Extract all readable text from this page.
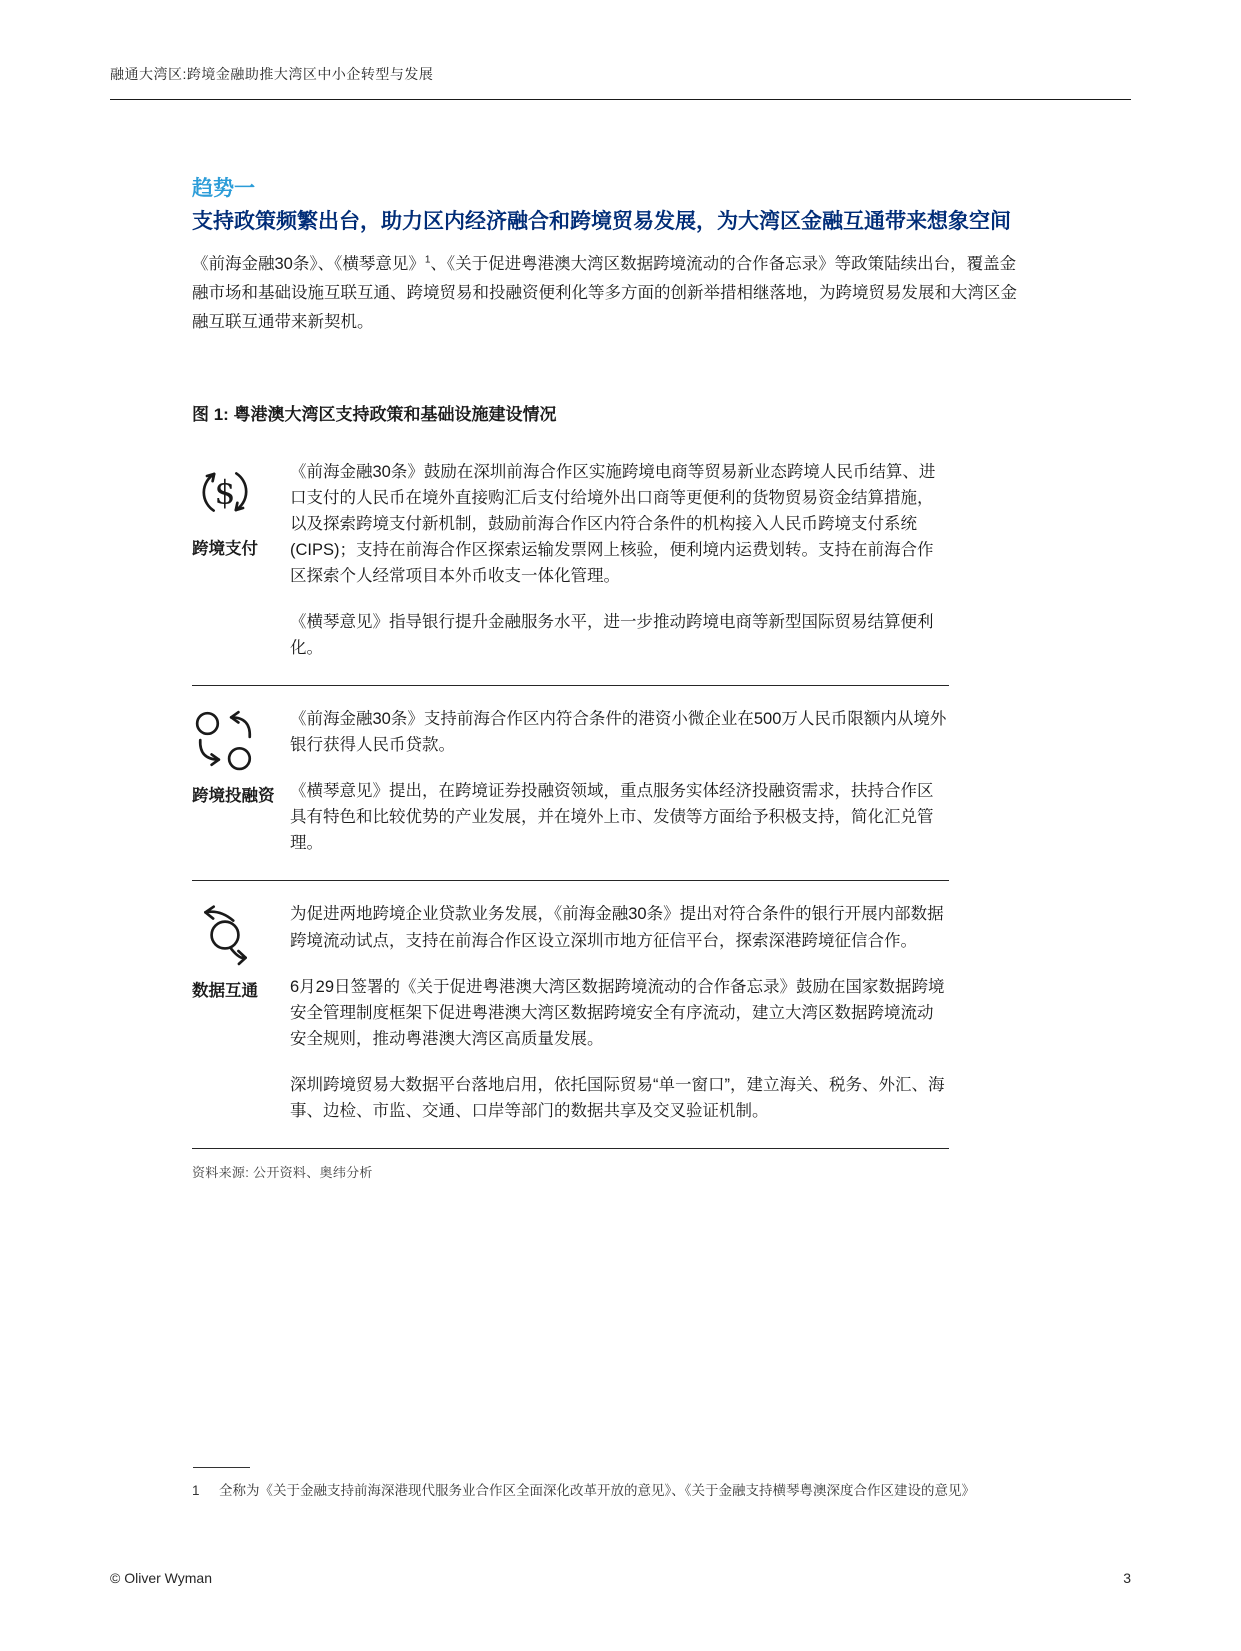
融通大湾区:跨境金融助推大湾区中小企转型与发展
趋势一
支持政策频繁出台，助力区内经济融合和跨境贸易发展，为大湾区金融互通带来想象空间

《前海金融30条》、《横琴意见》$^1$、《关于促进粤港澳大湾区数据跨境流动的合作备忘录》等政策陆续出台，覆盖金融市场和基础设施互联互通、跨境贸易和投融资便利化等多方面的创新举措相继落地，为跨境贸易发展和大湾区金融互联互通带来新契机。

图 1: 粤港澳大湾区支持政策和基础设施建设情况
$
跨境支付

《前海金融30条》鼓励在深圳前海合作区实施跨境电商等贸易新业态跨境人民币结算、进口支付的人民币在境外直接购汇后支付给境外出口商等更便利的货物贸易资金结算措施，以及探索跨境支付新机制，鼓励前海合作区内符合条件的机构接入人民币跨境支付系统 (CIPS)；支持在前海合作区探索运输发票网上核验，便利境内运费划转。支持在前海合作区探索个人经常项目本外币收支一体化管理。

《横琴意见》指导银行提升金融服务水平，进一步推动跨境电商等新型国际贸易结算便利化。

跨境投融资

《前海金融30条》支持前海合作区内符合条件的港资小微企业在500万人民币限额内从境外银行获得人民币贷款。

《横琴意见》提出，在跨境证券投融资领域，重点服务实体经济投融资需求，扶持合作区具有特色和比较优势的产业发展，并在境外上市、发债等方面给予积极支持，简化汇兑管理。

数据互通

为促进两地跨境企业贷款业务发展，《前海金融30条》提出对符合条件的银行开展内部数据跨境流动试点，支持在前海合作区设立深圳市地方征信平台，探索深港跨境征信合作。

6月29日签署的《关于促进粤港澳大湾区数据跨境流动的合作备忘录》鼓励在国家数据跨境安全管理制度框架下促进粤港澳大湾区数据跨境安全有序流动，建立大湾区数据跨境流动安全规则，推动粤港澳大湾区高质量发展。

深圳跨境贸易大数据平台落地启用，依托国际贸易“单一窗口”，建立海关、税务、外汇、海事、边检、市监、交通、口岸等部门的数据共享及交叉验证机制。

资料来源: 公开资料、奥纬分析
1	全称为《关于金融支持前海深港现代服务业合作区全面深化改革开放的意见》、《关于金融支持横琴粤澳深度合作区建设的意见》
© Oliver Wyman	3
